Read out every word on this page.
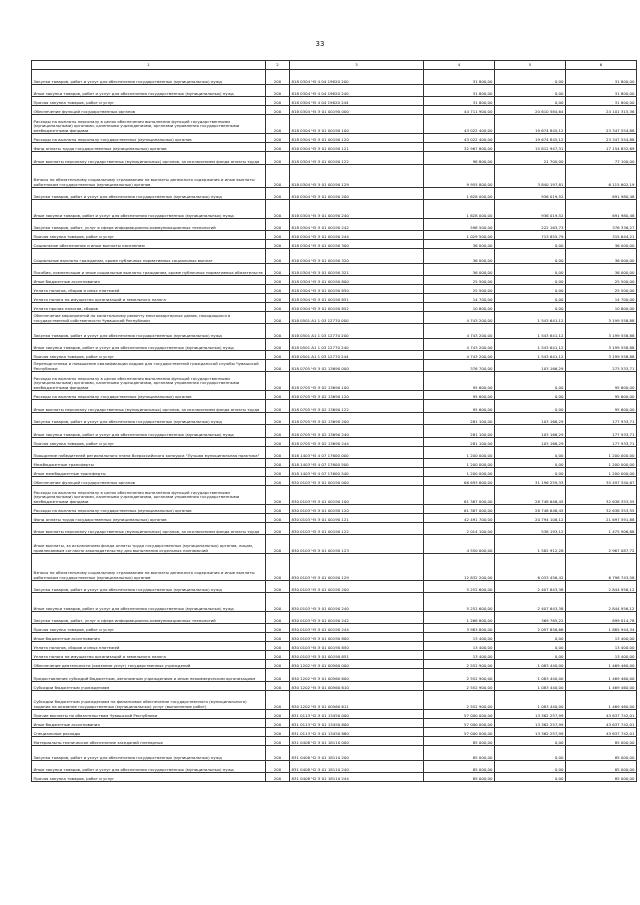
33
1	2	3	4	5	6
Закупка товаров, работ и услуг для обеспечения государственных (муниципальных) нужд	200	818 0304 Ч5 4 04 19620 200	31 800,00	0,00	31 800,00
Иные закупки товаров, работ и услуг для обеспечения государственных (муниципальных) нужд	200	818 0304 Ч5 4 04 19620 240	31 800,00	0,00	31 800,00
Прочая закупка товаров, работ и услуг	200	818 0304 Ч5 4 04 19620 244	31 800,00	0,00	31 800,00
Обеспечение функций государственных органов	200	818 0304 Ч5 Э 01 00190 000	44 711 900,00	20 610 584,64	24 101 315,36
Расходы на выплаты персоналу в целях обеспечения выполнения функций государственными (муниципальными) органами, казенными учреждениями, органами управления государственными внебюджетными фондами	200	818 0304 Ч5 Э 01 00190 100	43 022 400,00	19 674 845,12	23 347 554,88
Расходы на выплаты персоналу государственных (муниципальных) органов	200	818 0304 Ч5 Э 01 00190 120	43 022 400,00	19 674 845,12	23 347 554,88
Фонд оплаты труда государственных (муниципальных) органов	200	818 0304 Ч5 Э 01 00190 121	32 967 800,00	15 812 947,31	17 154 852,69
Иные выплаты персоналу государственных (муниципальных) органов, за исключением фонда оплаты труда	200	818 0304 Ч5 Э 01 00190 122	98 800,00	21 700,00	77 100,00
Взносы по обязательному социальному страхованию на выплаты денежного содержания и иные выплаты работникам государственных (муниципальных) органов	200	818 0304 Ч5 Э 01 00190 129	9 955 800,00	3 840 197,81	6 115 602,19
Закупка товаров, работ и услуг для обеспечения государственных (муниципальных) нужд	200	818 0304 Ч5 Э 01 00190 200	1 628 000,00	936 019,52	691 980,48
Иные закупки товаров, работ и услуг для обеспечения государственных (муниципальных) нужд	200	818 0304 Ч5 Э 01 00190 240	1 628 000,00	936 019,52	691 980,48
Закупка товаров, работ, услуг в сфере информационно-коммуникационных технологий	200	818 0304 Ч5 Э 01 00190 242	598 500,00	222 163,73	376 336,27
Прочая закупка товаров, работ и услуг	200	818 0304 Ч5 Э 01 00190 244	1 029 500,00	713 855,79	315 644,21
Социальное обеспечение и иные выплаты населению	200	818 0304 Ч5 Э 01 00190 300	36 000,00	0,00	36 000,00
Социальные выплаты гражданам, кроме публичных нормативных социальных выплат	200	818 0304 Ч5 Э 01 00190 320	36 000,00	0,00	36 000,00
Пособия, компенсации и иные социальные выплаты гражданам, кроме публичных нормативных обязательств	200	818 0304 Ч5 Э 01 00190 321	36 000,00	0,00	36 000,00
Иные бюджетные ассигнования	200	818 0304 Ч5 Э 01 00190 800	25 500,00	0,00	25 500,00
Уплата налогов, сборов и иных платежей	200	818 0304 Ч5 Э 01 00190 850	25 500,00	0,00	25 500,00
Уплата налога на имущество организаций и земельного налога	200	818 0304 Ч5 Э 01 00190 851	14 700,00	0,00	14 700,00
Уплата прочих налогов, сборов	200	818 0304 Ч5 Э 01 00190 852	10 800,00	0,00	10 800,00
Обеспечение мероприятий по капитальному ремонту многоквартирных домов, находящихся в государственной собственности Чувашской Республики	200	818 0501 А1 1 03 12770 000	4 743 200,00	1 543 641,12	3 199 558,88
Закупка товаров, работ и услуг для обеспечения государственных (муниципальных) нужд	200	818 0501 А1 1 03 12770 200	4 743 200,00	1 543 641,12	3 199 558,88
Иные закупки товаров, работ и услуг для обеспечения государственных (муниципальных) нужд	200	818 0501 А1 1 03 12770 240	4 743 200,00	1 543 641,12	3 199 558,88
Прочая закупка товаров, работ и услуг	200	818 0501 А1 1 03 12770 244	4 743 200,00	1 543 641,12	3 199 558,88
Переподготовка и повышение квалификации кадров для государственной гражданской службы Чувашской Республики	200	818 0705 Ч5 Э 02 13690 000	376 700,00	103 166,29	273 533,71
Расходы на выплаты персоналу в целях обеспечения выполнения функций государственными (муниципальными) органами, казенными учреждениями, органами управления государственными внебюджетными фондами	200	818 0705 Ч5 Э 02 13690 100	95 600,00	0,00	95 600,00
Расходы на выплаты персоналу государственных (муниципальных) органов	200	818 0705 Ч5 Э 02 13690 120	95 600,00	0,00	95 600,00
Иные выплаты персоналу государственных (муниципальных) органов, за исключением фонда оплаты труда	200	818 0705 Ч5 Э 02 13690 122	95 600,00	0,00	95 600,00
Закупка товаров, работ и услуг для обеспечения государственных (муниципальных) нужд	200	818 0705 Ч5 Э 02 13690 200	281 100,00	103 166,29	177 933,71
Иные закупки товаров, работ и услуг для обеспечения государственных (муниципальных) нужд	200	818 0705 Ч5 Э 02 13690 240	281 100,00	103 166,29	177 933,71
Прочая закупка товаров, работ и услуг	200	818 0705 Ч5 Э 02 13690 244	281 100,00	103 166,29	177 933,71
Поощрение победителей регионального этапа Всероссийского конкурса "Лучшая муниципальная практика"	200	818 1403 Ч5 4 07 17600 000	1 200 000,00	0,00	1 200 000,00
Межбюджетные трансферты	200	818 1403 Ч5 4 07 17600 500	1 200 000,00	0,00	1 200 000,00
Иные межбюджетные трансферты	200	818 1403 Ч5 4 07 17600 540	1 200 000,00	0,00	1 200 000,00
Обеспечение функций государственных органов	200	830 0103 Ч5 Э 01 00190 000	66 693 600,00	31 196 259,33	35 497 340,67
Расходы на выплаты персоналу в целях обеспечения выполнения функций государственными (муниципальными) органами, казенными учреждениями, органами управления государственными внебюджетными фондами	200	830 0103 Ч5 Э 01 00190 100	61 387 000,00	28 748 646,45	32 638 353,55
Расходы на выплаты персоналу государственных (муниципальных) органов	200	830 0103 Ч5 Э 01 00190 120	61 387 000,00	28 748 646,45	32 638 353,55
Фонд оплаты труда государственных (муниципальных) органов	200	830 0103 Ч5 Э 01 00190 121	42 491 700,00	20 794 108,12	21 697 591,88
Иные выплаты персоналу государственных (муниципальных) органов, за исключением фонда оплаты труда	200	830 0103 Ч5 Э 01 00190 122	2 014 100,00	538 193,12	1 475 906,88
Иные выплаты, за исключением фонда оплаты труда государственных (муниципальных) органов, лицам, привлекаемым согласно законодательству для выполнения отдельных полномочий	200	830 0103 Ч5 Э 01 00190 123	4 550 000,00	1 582 912,28	2 967 087,72
Взносы по обязательному социальному страхованию на выплаты денежного содержания и иные выплаты работникам государственных (муниципальных) органов	200	830 0103 Ч5 Э 01 00190 129	12 832 200,00	6 033 456,42	6 798 743,58
Закупка товаров, работ и услуг для обеспечения государственных (муниципальных) нужд	200	830 0103 Ч5 Э 01 00190 200	5 252 600,00	2 407 643,38	2 844 956,12
Иные закупки товаров, работ и услуг для обеспечения государственных (муниципальных) нужд	200	830 0103 Ч5 Э 01 00190 240	5 252 600,00	2 407 643,38	2 844 956,12
Закупка товаров, работ, услуг в сфере информационно-коммуникационных технологий	200	830 0103 Ч5 Э 01 00190 242	1 268 800,00	369 785,22	899 014,78
Прочая закупка товаров, работ и услуг	200	830 0103 Ч5 Э 01 00190 244	3 983 800,00	2 097 856,66	1 885 944,34
Иные бюджетные ассигнования	200	830 0103 Ч5 Э 01 00190 800	13 400,00	0,00	13 400,00
Уплата налогов, сборов и иных платежей	200	830 0103 Ч5 Э 01 00190 850	13 400,00	0,00	13 400,00
Уплата налога на имущество организаций и земельного налога	200	830 0103 Ч5 Э 01 00190 851	13 400,00	0,00	13 400,00
Обеспечение деятельности (оказание услуг) государственных учреждений	200	830 1202 Ч5 Э 01 00560 000	2 552 900,00	1 083 440,00	1 469 460,00
Предоставление субсидий бюджетным, автономным учреждениям и иным некоммерческим организациям	200	830 1202 Ч5 Э 01 00560 600	2 552 900,00	1 083 440,00	1 469 460,00
Субсидии бюджетным учреждениям	200	830 1202 Ч5 Э 01 00560 610	2 552 900,00	1 083 440,00	1 469 460,00
Субсидии бюджетным учреждениям на финансовое обеспечение государственного (муниципального) задания на оказание государственных (муниципальных) услуг (выполнение работ)	200	830 1202 Ч5 Э 01 00560 611	2 552 900,00	1 083 440,00	1 469 460,00
Прочие выплаты по обязательствам Чувашской Республики	200	831 0113 Ч2 Э 01 13450 000	57 000 000,00	13 362 257,99	43 637 742,01
Иные бюджетные ассигнования	200	831 0113 Ч2 Э 01 13450 800	57 000 000,00	13 362 257,99	43 637 742,01
Специальные расходы	200	831 0113 Ч2 Э 01 13450 880	57 000 000,00	13 362 257,99	43 637 742,01
Материально-техническое обеспечение заседаний пленарных	200	831 0408 Ч2 Э 01 18110 000	85 000,00	0,00	85 000,00
Закупка товаров, работ и услуг для обеспечения государственных (муниципальных) нужд	200	831 0408 Ч2 Э 01 18110 200	85 000,00	0,00	85 000,00
Иные закупки товаров, работ и услуг для обеспечения государственных (муниципальных) нужд	200	831 0408 Ч2 Э 01 18110 240	85 000,00	0,00	85 000,00
Прочая закупка товаров, работ и услуг	200	831 0408 Ч2 Э 01 18110 244	85 000,00	0,00	85 000,00
